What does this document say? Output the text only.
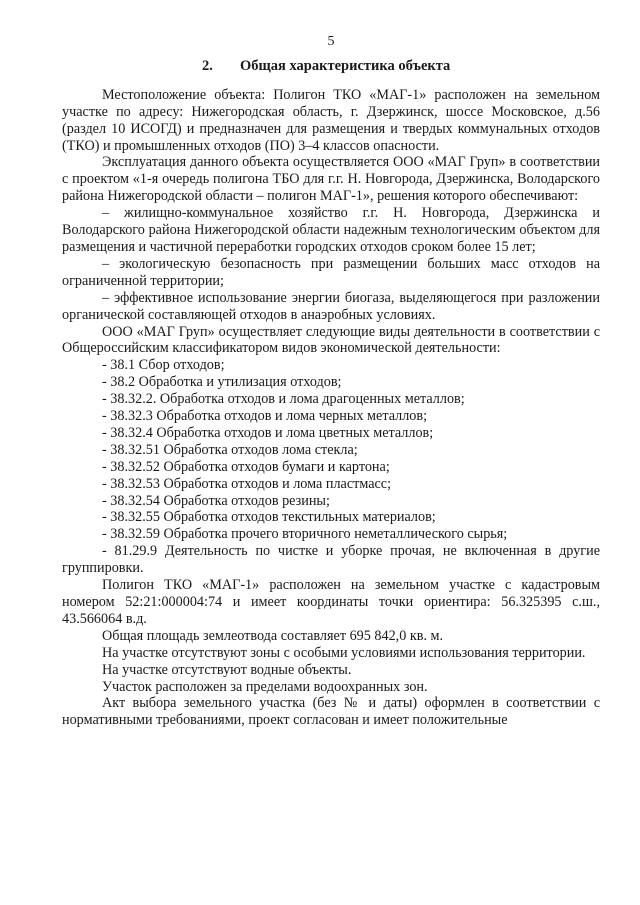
5
2. Общая характеристика объекта

Местоположение объекта: Полигон ТКО «МАГ-1» расположен на земельном участке по адресу: Нижегородская область, г. Дзержинск, шоссе Московское, д.56 (раздел 10 ИСОГД) и предназначен для размещения и твердых коммунальных отходов (ТКО) и промышленных отходов (ПО) 3–4 классов опасности.

Эксплуатация данного объекта осуществляется ООО «МАГ Груп» в соответствии с проектом «1-я очередь полигона ТБО для г.г. Н. Новгорода, Дзержинска, Володарского района Нижегородской области – полигон МАГ-1», решения которого обеспечивают:

– жилищно-коммунальное хозяйство г.г. Н. Новгорода, Дзержинска и Володарского района Нижегородской области надежным технологическим объектом для размещения и частичной переработки городских отходов сроком более 15 лет;

– экологическую безопасность при размещении больших масс отходов на ограниченной территории;

– эффективное использование энергии биогаза, выделяющегося при разложении органической составляющей отходов в анаэробных условиях.

ООО «МАГ Груп» осуществляет следующие виды деятельности в соответствии с Общероссийским классификатором видов экономической деятельности:

- 38.1 Сбор отходов;
- 38.2 Обработка и утилизация отходов;
- 38.32.2. Обработка отходов и лома драгоценных металлов;
- 38.32.3 Обработка отходов и лома черных металлов;
- 38.32.4 Обработка отходов и лома цветных металлов;
- 38.32.51 Обработка отходов лома стекла;
- 38.32.52 Обработка отходов бумаги и картона;
- 38.32.53 Обработка отходов и лома пластмасс;
- 38.32.54 Обработка отходов резины;
- 38.32.55 Обработка отходов текстильных материалов;
- 38.32.59 Обработка прочего вторичного неметаллического сырья;

- 81.29.9 Деятельность по чистке и уборке прочая, не включенная в другие группировки.

Полигон ТКО «МАГ-1» расположен на земельном участке с кадастровым номером 52:21:000004:74 и имеет координаты точки ориентира: 56.325395 с.ш., 43.566064 в.д.

Общая площадь землеотвода составляет 695 842,0 кв. м.

На участке отсутствуют зоны с особыми условиями использования территории.

На участке отсутствуют водные объекты.

Участок расположен за пределами водоохранных зон.

Акт выбора земельного участка (без № и даты) оформлен в соответствии с нормативными требованиями, проект согласован и имеет положительные
